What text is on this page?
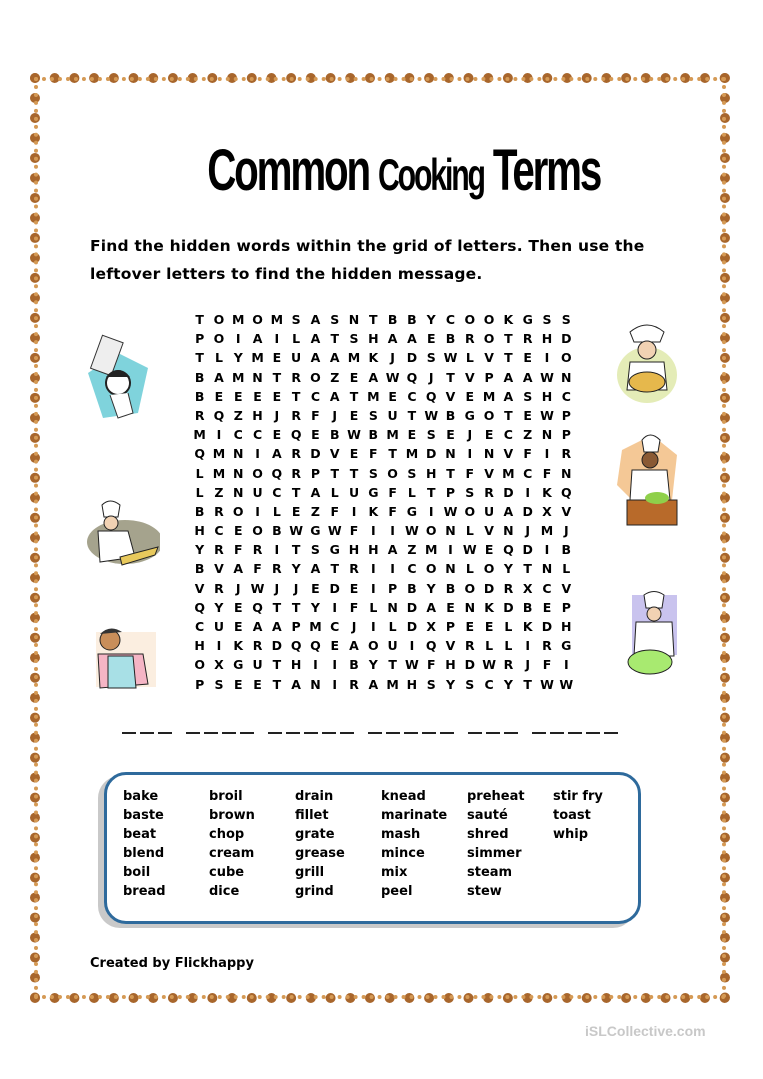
Common Cooking Terms
Find the hidden words within the grid of letters. Then use the leftover letters to find the hidden message.
T O M O M S A S N T B B Y C O O K G S S
P O I A I	L A T S H A A E B R O T R H D
T L Y M E U A A M K J D S W L V T E	I O
B A M N T R O Z E A W Q J	T V P A A W N
B E E E E T C A T M E C Q V E M A S H C
R Q Z H J R F	J	E S U T W B G O T E W P
M I C C E Q E B W B M E S E	J	E C Z N P
Q M N I A R D V E F T M D N I N V F	I R
L M N O Q R P T T S O S H T F V M C F N
L Z N U C T A L U G F L T P S R D I K Q
B R O I	L E Z F	I K F G I W O U A D X V
H C E O B W G W F	I	I W O N L V N J M J
Y R F R I	T S G H H A Z M I W E Q D I B
B V A F R Y A T R I	I C O N L O Y T N L
V R J W J	J	E D E	I P B Y B O D R X C V
Q Y E Q T T Y I	F L N D A E N K D B E P
C U E A A P M C J	I	L D X P E E L K D H
H I K R D Q Q E A O U I Q V R L L	I R G
O X G U T H I	I B Y T W F H D W R J	F	I
P S E E T A N I R A M H S Y S C Y T W W
bake
baste
beat
blend
boil
bread
broil
brown
chop
cream
cube
dice
drain
fillet
grate
grease
grill
grind
knead
marinate
mash
mince
mix
peel
preheat
sauté
shred
simmer
steam
stew
stir fry
toast
whip
Created by Flickhappy
iSLCollective.com
